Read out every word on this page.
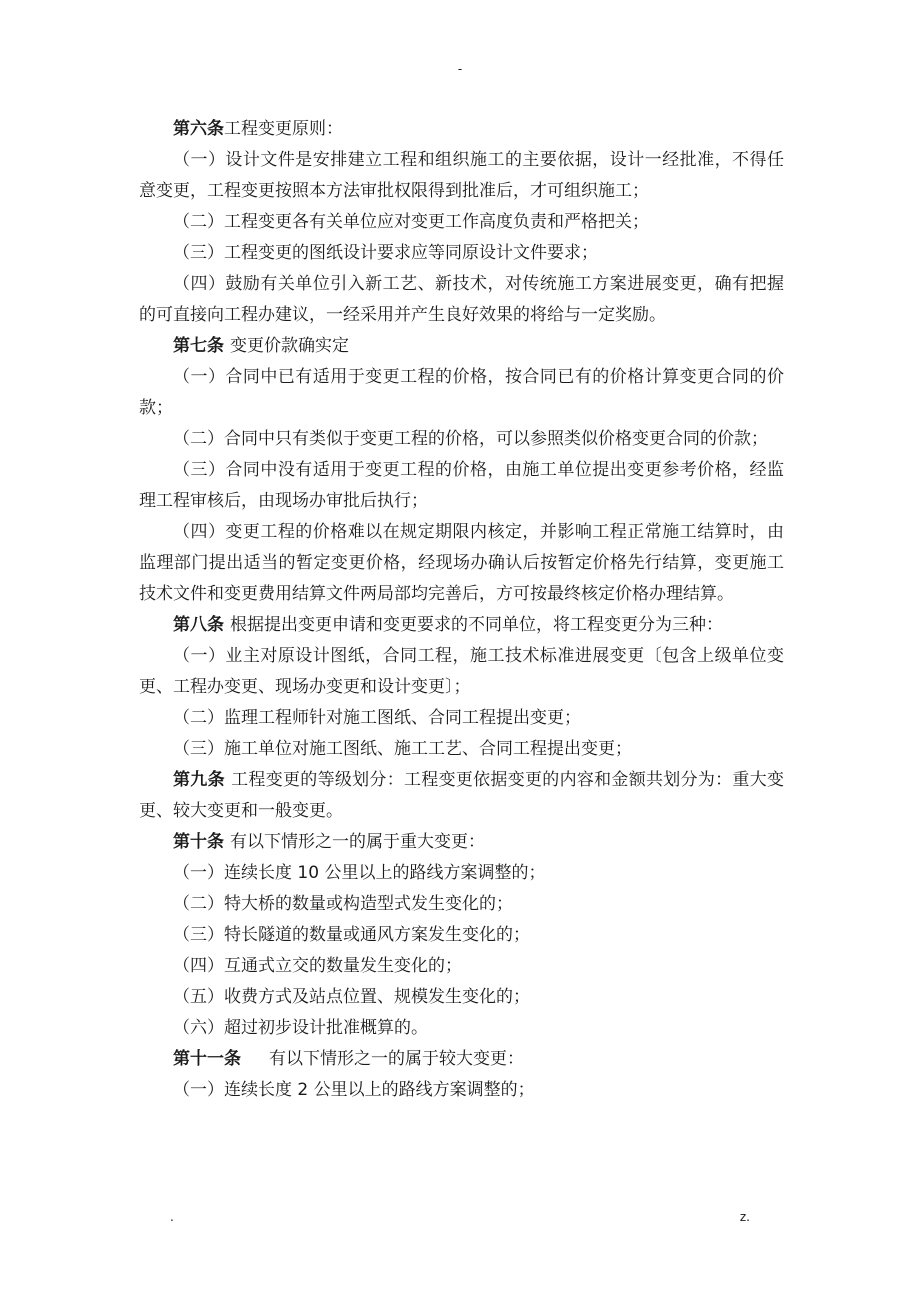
-

第六条工程变更原则：

（一）设计文件是安排建立工程和组织施工的主要依据，设计一经批准，不得任意变更，工程变更按照本方法审批权限得到批准后，才可组织施工；

（二）工程变更各有关单位应对变更工作高度负责和严格把关；

（三）工程变更的图纸设计要求应等同原设计文件要求；

（四）鼓励有关单位引入新工艺、新技术，对传统施工方案进展变更，确有把握的可直接向工程办建议，一经采用并产生良好效果的将给与一定奖励。

第七条 变更价款确实定

（一）合同中已有适用于变更工程的价格，按合同已有的价格计算变更合同的价款；

（二）合同中只有类似于变更工程的价格，可以参照类似价格变更合同的价款；

（三）合同中没有适用于变更工程的价格，由施工单位提出变更参考价格，经监理工程审核后，由现场办审批后执行；

（四）变更工程的价格难以在规定期限内核定，并影响工程正常施工结算时，由监理部门提出适当的暂定变更价格，经现场办确认后按暂定价格先行结算，变更施工技术文件和变更费用结算文件两局部均完善后，方可按最终核定价格办理结算。

第八条 根据提出变更申请和变更要求的不同单位，将工程变更分为三种：

（一）业主对原设计图纸，合同工程，施工技术标准进展变更〔包含上级单位变更、工程办变更、现场办变更和设计变更〕；

（二）监理工程师针对施工图纸、合同工程提出变更；

（三）施工单位对施工图纸、施工工艺、合同工程提出变更；

第九条 工程变更的等级划分：工程变更依据变更的内容和金额共划分为：重大变更、较大变更和一般变更。

第十条 有以下情形之一的属于重大变更：

（一）连续长度 10 公里以上的路线方案调整的；

（二）特大桥的数量或构造型式发生变化的；

（三）特长隧道的数量或通风方案发生变化的；

（四）互通式立交的数量发生变化的；

（五）收费方式及站点位置、规模发生变化的；

（六）超过初步设计批准概算的。

第十一条 有以下情形之一的属于较大变更：

（一）连续长度 2 公里以上的路线方案调整的；

.	z.
